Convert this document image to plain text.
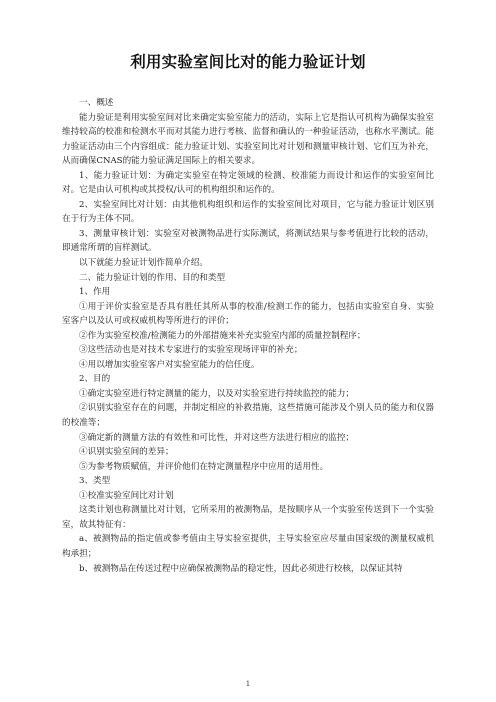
利用实验室间比对的能力验证计划

一、概述

能力验证是利用实验室间对比来确定实验室能力的活动，实际上它是指认可机构为确保实验室维持较高的校准和检测水平而对其能力进行考核、监督和确认的一种验证活动，也称水平测试。能力验证活动由三个内容组成：能力验证计划、实验室间比对计划和测量审核计划、它们互为补充，从而确保CNAS的能力验证满足国际上的相关要求。

1、能力验证计划：为确定实验室在特定领域的检测、校准能力而设计和运作的实验室间比对。它是由认可机构或其授权/认可的机构组织和运作的。

2、实验室间比对计划：由其他机构组织和运作的实验室间比对项目，它与能力验证计划区别在于行为主体不同。

3、测量审核计划：实验室对被测物品进行实际测试，将测试结果与参考值进行比较的活动，即通常所谓的盲样测试。

以下就能力验证计划作简单介绍。

二、能力验证计划的作用、目的和类型

1、作用

①用于评价实验室是否具有胜任其所从事的校准/检测工作的能力，包括由实验室自身、实验室客户以及认可或权威机构等所进行的评价；

②作为实验室校准/检测能力的外部措施来补充实验室内部的质量控制程序；

③这些活动也是对技术专家进行的实验室现场评审的补充；

④用以增加实验室客户对实验室能力的信任度。

2、目的

①确定实验室进行特定测量的能力，以及对实验室进行持续监控的能力；

②识别实验室存在的问题，并制定相应的补救措施，这些措施可能涉及个别人员的能力和仪器的校准等；

③确定新的测量方法的有效性和可比性，并对这些方法进行相应的监控；

④识别实验室间的差异；

⑤为参考物质赋值，并评价他们在特定测量程序中应用的适用性。

3、类型

①校准实验室间比对计划

这类计划也称测量比对计划，它所采用的被测物品，是按顺序从一个实验室传送到下一个实验室，故其特征有：

a、被测物品的指定值或参考值由主导实验室提供，主导实验室应尽量由国家级的测量权威机构承担；

b、被测物品在传送过程中应确保被测物品的稳定性，因此必须进行校核，以保证其特

1
